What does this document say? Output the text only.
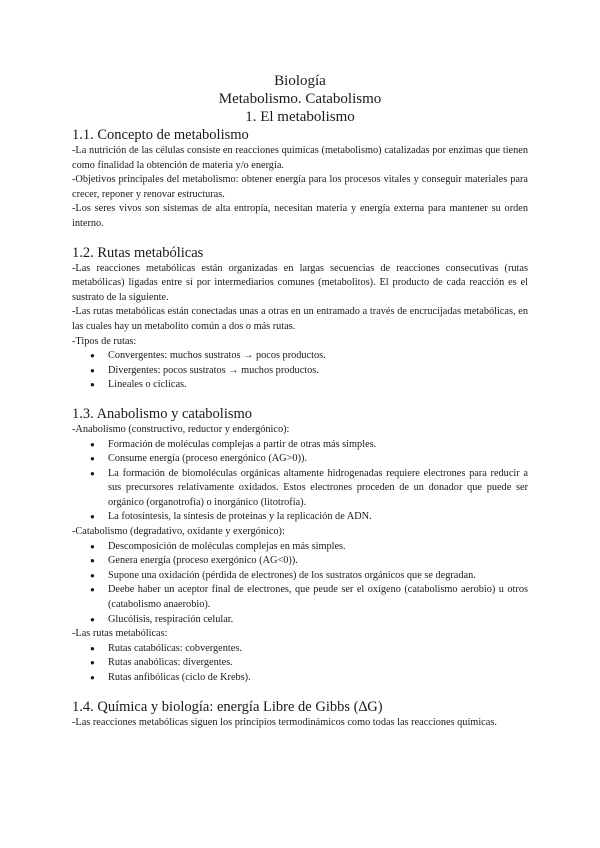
Biología
Metabolismo. Catabolismo
1. El metabolismo
1.1. Concepto de metabolismo

-La nutrición de las células consiste en reacciones químicas (metabolismo) catalizadas por enzimas que tienen como finalidad la obtención de materia y/o energía.

-Objetivos principales del metabolismo: obtener energía para los procesos vitales y conseguir materiales para crecer, reponer y renovar estructuras.

-Los seres vivos son sistemas de alta entropía, necesitan materia y energía externa para mantener su orden interno.

1.2. Rutas metabólicas

-Las reacciones metabólicas están organizadas en largas secuencias de reacciones consecutivas (rutas metabólicas) ligadas entre sí por intermediarios comunes (metabolitos). El producto de cada reacción es el sustrato de la siguiente.

-Las rutas metabólicas están conectadas unas a otras en un entramado a través de encrucijadas metabólicas, en las cuales hay un metabolito común a dos o más rutas.

-Tipos de rutas:

● Convergentes: muchos sustratos → pocos productos.
● Divergentes: pocos sustratos → muchos productos.
● Lineales o cíclicas.
1.3. Anabolismo y catabolismo

-Anabolismo (constructivo, reductor y endergónico):

● Formación de moléculas complejas a partir de otras más simples.
● Consume energía (proceso energónico (AG>0)).
● La formación de biomoléculas orgánicas altamente hidrogenadas requiere electrones para reducir a sus precursores relativamente oxidados. Estos electrones proceden de un donador que puede ser orgánico (organotrofía) o inorgánico (litotrofía).
● La fotosíntesis, la síntesis de proteínas y la replicación de ADN.

-Catabolismo (degradativo, oxidante y exergónico):

● Descomposición de moléculas complejas en más simples.
● Genera energía (proceso exergónico (AG<0)).
● Supone una oxidación (pérdida de electrones) de los sustratos orgánicos que se degradan.
● Deebe haber un aceptor final de electrones, que peude ser el oxígeno (catabolismo aerobio) u otros (catabolismo anaerobio).
● Glucólisis, respiración celular.

-Las rutas metabólicas:

● Rutas catabólicas: cobvergentes.
● Rutas anabólicas: divergentes.
● Rutas anfibólicas (ciclo de Krebs).
1.4. Química y biología: energía Libre de Gibbs (∆G)

-Las reacciones metabólicas siguen los principios termodinámicos como todas las reacciones químicas.
